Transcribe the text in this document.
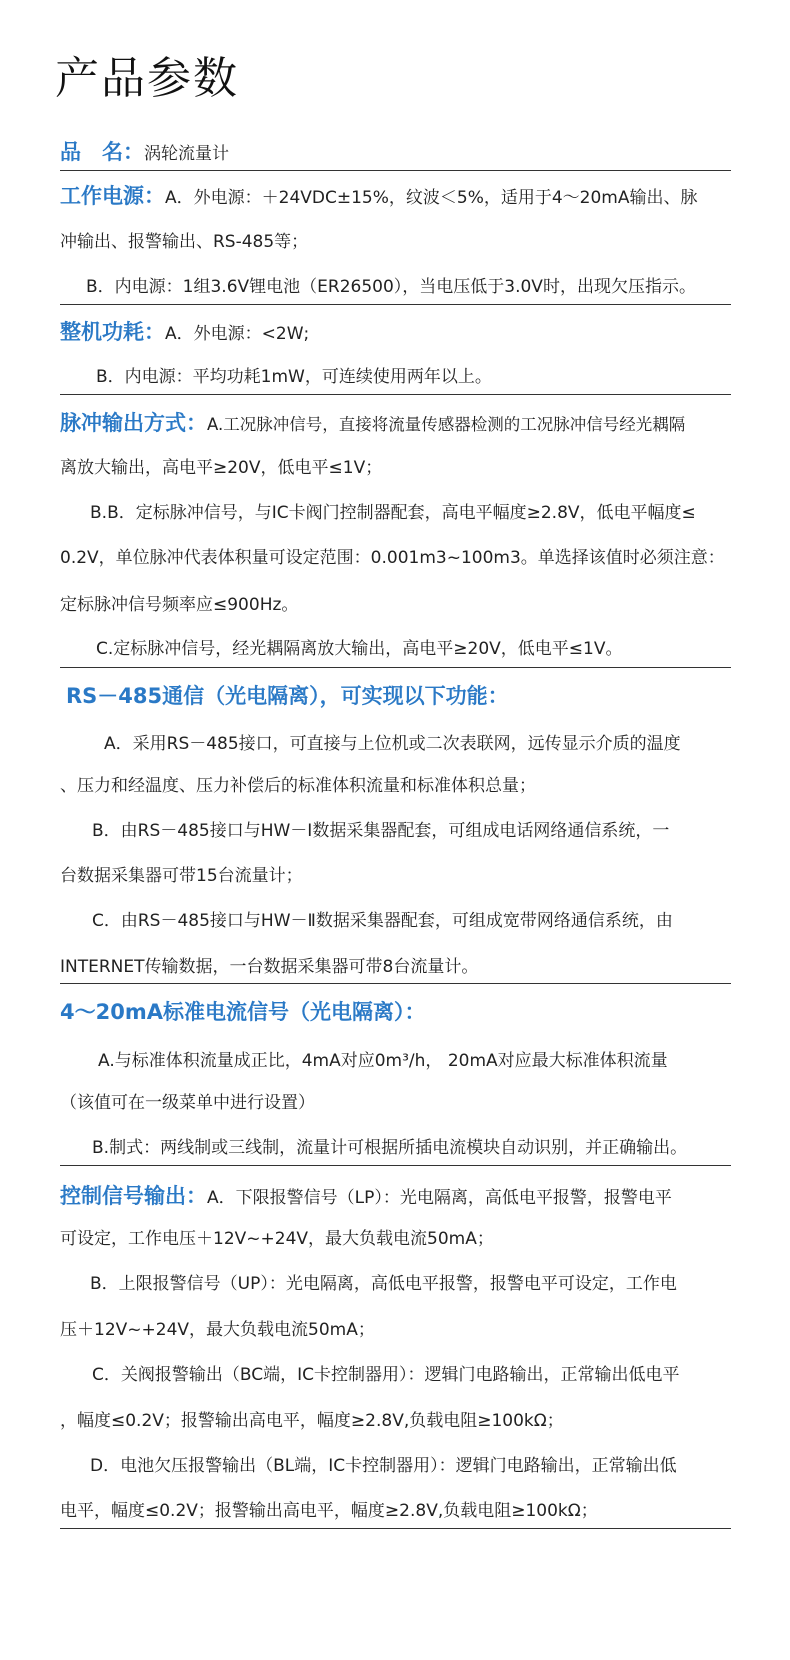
产品参数
品　名：涡轮流量计
工作电源：A．外电源：＋24VDC±15%，纹波＜5%，适用于4～20mA输出、脉
冲输出、报警输出、RS-485等；
B．内电源：1组3.6V锂电池（ER26500），当电压低于3.0V时，出现欠压指示。
整机功耗：A．外电源：<2W;
B．内电源：平均功耗1mW，可连续使用两年以上。
脉冲输出方式：A.工况脉冲信号，直接将流量传感器检测的工况脉冲信号经光耦隔
离放大输出，高电平≥20V，低电平≤1V；
B.B．定标脉冲信号，与IC卡阀门控制器配套，高电平幅度≥2.8V，低电平幅度≤
0.2V，单位脉冲代表体积量可设定范围：0.001m3~100m3。单选择该值时必须注意：
定标脉冲信号频率应≤900Hz。
C.定标脉冲信号，经光耦隔离放大输出，高电平≥20V，低电平≤1V。
RS－485通信（光电隔离），可实现以下功能：
A．采用RS－485接口，可直接与上位机或二次表联网，远传显示介质的温度
、压力和经温度、压力补偿后的标准体积流量和标准体积总量；
B．由RS－485接口与HW－Ⅰ数据采集器配套，可组成电话网络通信系统，一
台数据采集器可带15台流量计；
C．由RS－485接口与HW－Ⅱ数据采集器配套，可组成宽带网络通信系统，由
INTERNET传输数据，一台数据采集器可带8台流量计。
4～20mA标准电流信号（光电隔离）：
A.与标准体积流量成正比，4mA对应0m³/h， 20mA对应最大标准体积流量
（该值可在一级菜单中进行设置）
B.制式：两线制或三线制，流量计可根据所插电流模块自动识别，并正确输出。
控制信号输出：A．下限报警信号（LP）：光电隔离，高低电平报警，报警电平
可设定，工作电压＋12V~+24V，最大负载电流50mA；
B．上限报警信号（UP）：光电隔离，高低电平报警，报警电平可设定，工作电
压＋12V~+24V，最大负载电流50mA；
C．关阀报警输出（BC端，IC卡控制器用）：逻辑门电路输出，正常输出低电平
，幅度≤0.2V；报警输出高电平，幅度≥2.8V,负载电阻≥100kΩ；
D．电池欠压报警输出（BL端，IC卡控制器用）：逻辑门电路输出，正常输出低
电平，幅度≤0.2V；报警输出高电平，幅度≥2.8V,负载电阻≥100kΩ；
